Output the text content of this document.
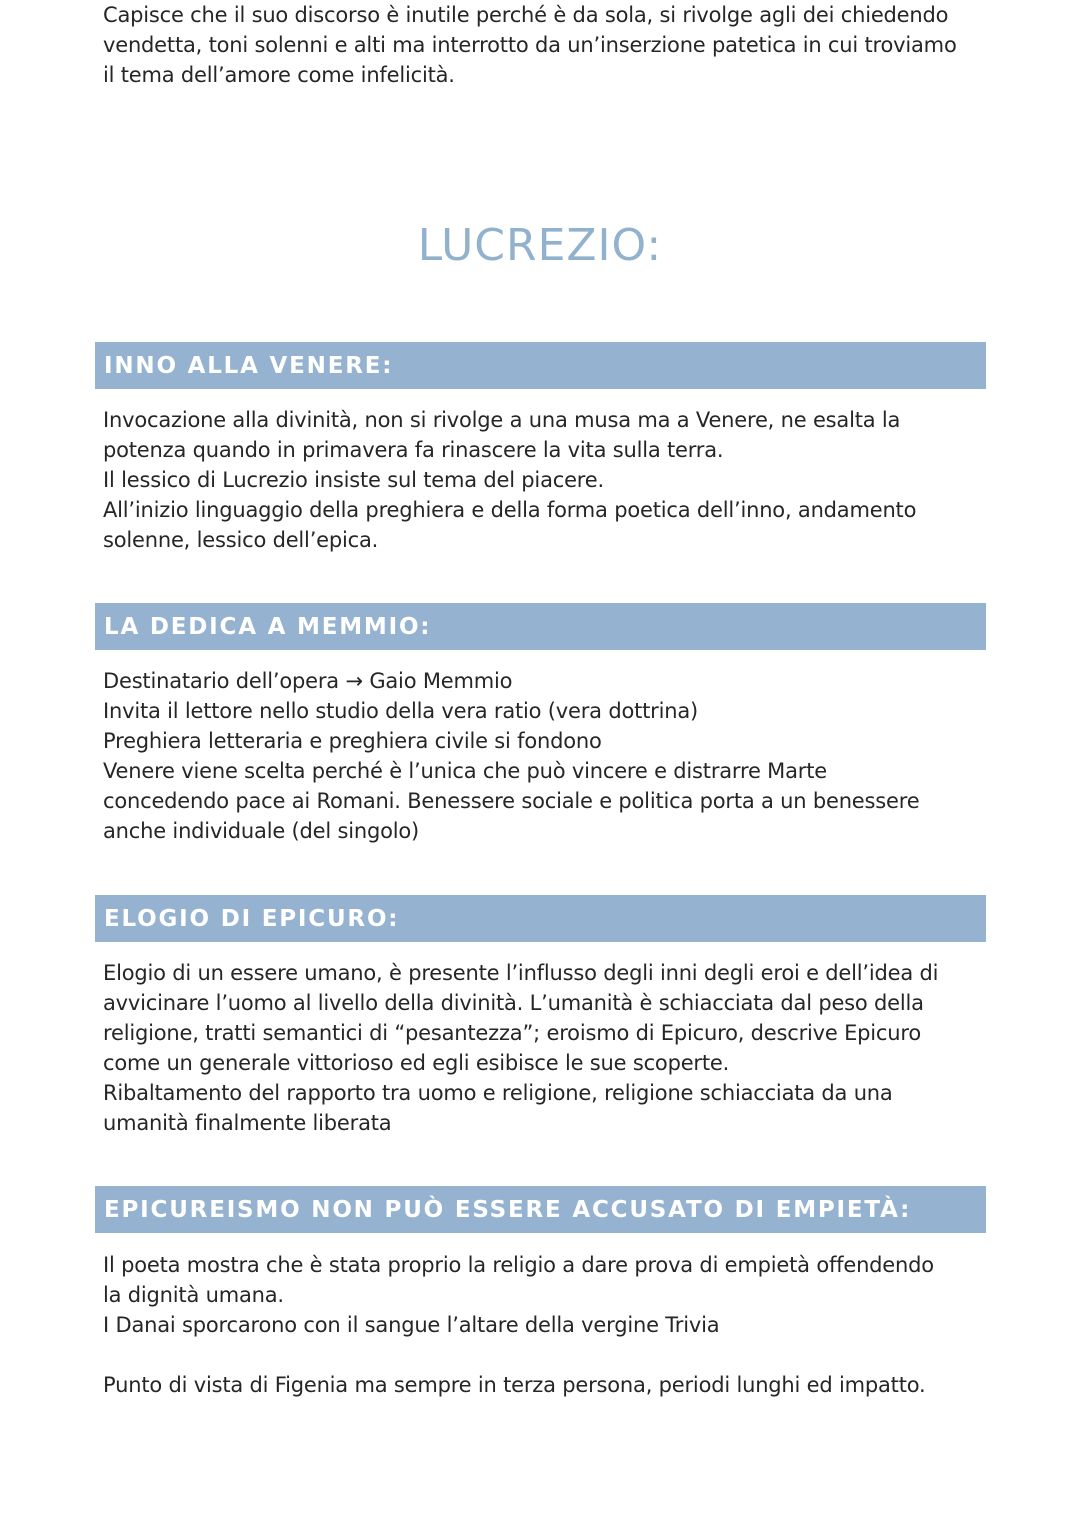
Capisce che il suo discorso è inutile perché è da sola, si rivolge agli dei chiedendo
vendetta, toni solenni e alti ma interrotto da un’inserzione patetica in cui troviamo
il tema dell’amore come infelicità.

LUCREZIO:
INNO ALLA VENERE:

Invocazione alla divinità, non si rivolge a una musa ma a Venere, ne esalta la
potenza quando in primavera fa rinascere la vita sulla terra.
Il lessico di Lucrezio insiste sul tema del piacere.
All’inizio linguaggio della preghiera e della forma poetica dell’inno, andamento
solenne, lessico dell’epica.

LA DEDICA A MEMMIO:

Destinatario dell’opera → Gaio Memmio
Invita il lettore nello studio della vera ratio (vera dottrina)
Preghiera letteraria e preghiera civile si fondono
Venere viene scelta perché è l’unica che può vincere e distrarre Marte
concedendo pace ai Romani. Benessere sociale e politica porta a un benessere
anche individuale (del singolo)

ELOGIO DI EPICURO:

Elogio di un essere umano, è presente l’influsso degli inni degli eroi e dell’idea di
avvicinare l’uomo al livello della divinità. L’umanità è schiacciata dal peso della
religione, tratti semantici di “pesantezza”; eroismo di Epicuro, descrive Epicuro
come un generale vittorioso ed egli esibisce le sue scoperte.
Ribaltamento del rapporto tra uomo e religione, religione schiacciata da una
umanità finalmente liberata

EPICUREISMO NON PUÒ ESSERE ACCUSATO DI EMPIETÀ:

Il poeta mostra che è stata proprio la religio a dare prova di empietà offendendo
la dignità umana.
I Danai sporcarono con il sangue l’altare della vergine Trivia

Punto di vista di Figenia ma sempre in terza persona, periodi lunghi ed impatto.
